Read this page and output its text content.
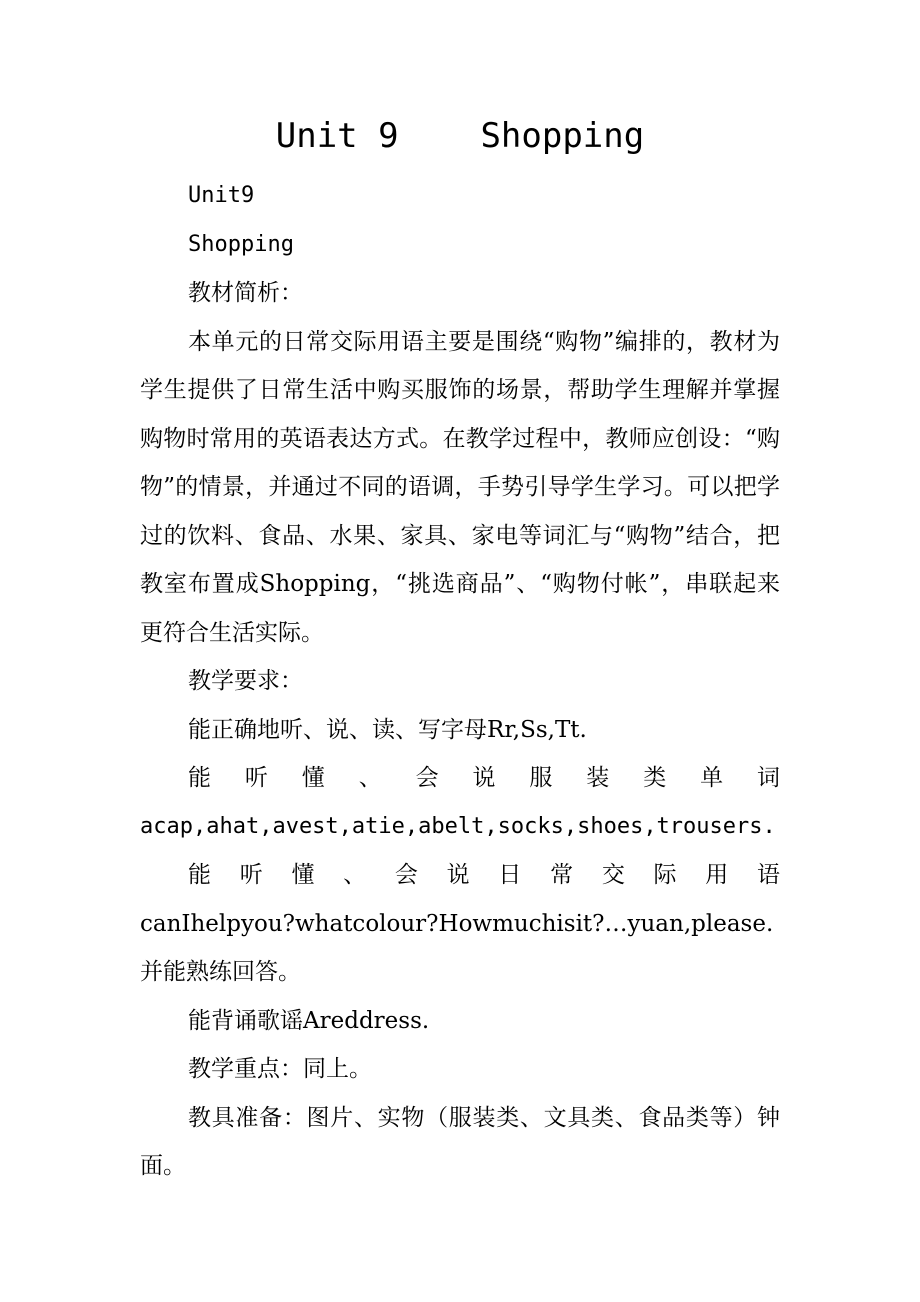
Unit 9    Shopping

Unit9

Shopping

教材简析：

本单元的日常交际用语主要是围绕“购物”编排的，教材为学生提供了日常生活中购买服饰的场景，帮助学生理解并掌握购物时常用的英语表达方式。在教学过程中，教师应创设：“购物”的情景，并通过不同的语调，手势引导学生学习。可以把学过的饮料、食品、水果、家具、家电等词汇与“购物”结合，把教室布置成Shopping，“挑选商品”、“购物付帐”，串联起来更符合生活实际。

教学要求：

能正确地听、说、读、写字母Rr,Ss,Tt.

能听懂、会说服装类单词

acap,ahat,avest,atie,abelt,socks,shoes,trousers.

能听懂、会说日常交际用语

canIhelpyou?whatcolour?Howmuchisit?…yuan,please.并能熟练回答。

能背诵歌谣Areddress.

教学重点：同上。

教具准备：图片、实物（服装类、文具类、食品类等）钟面。
